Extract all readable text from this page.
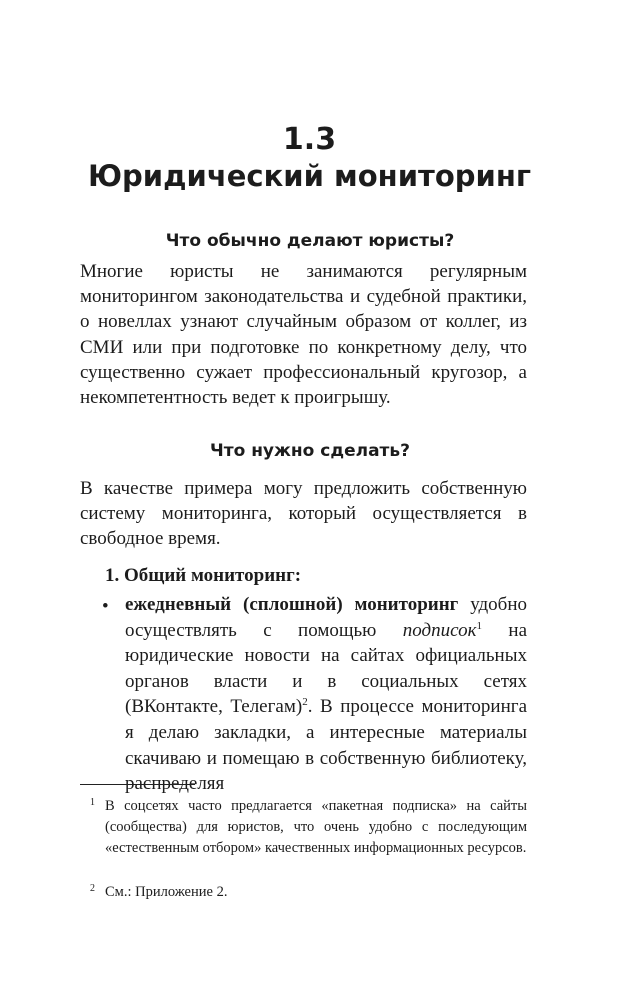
1.3
Юридический мониторинг
Что обычно делают юристы?

Многие юристы не занимаются регулярным мониторингом законодательства и судебной практики, о новеллах узнают случайным образом от коллег, из СМИ или при подготовке по конкретному делу, что существенно сужает профессиональный кругозор, а некомпетентность ведет к проигрышу.

Что нужно сделать?

В качестве примера могу предложить собственную систему мониторинга, который осуществляется в свободное время.

1. Общий мониторинг:
• ежедневный (сплошной) мониторинг удобно осуществлять с помощью подписок$^1$ на юридические новости на сайтах официальных органов власти и в социальных сетях (ВКонтакте, Телегам)$^2$. В процессе мониторинга я делаю закладки, а интересные материалы скачиваю и помещаю в собственную библиотеку, распределяя

1 В соцсетях часто предлагается «пакетная подписка» на сайты (сообщества) для юристов, что очень удобно с последующим «естественным отбором» качественных информационных ресурсов.
2 См.: Приложение 2.
